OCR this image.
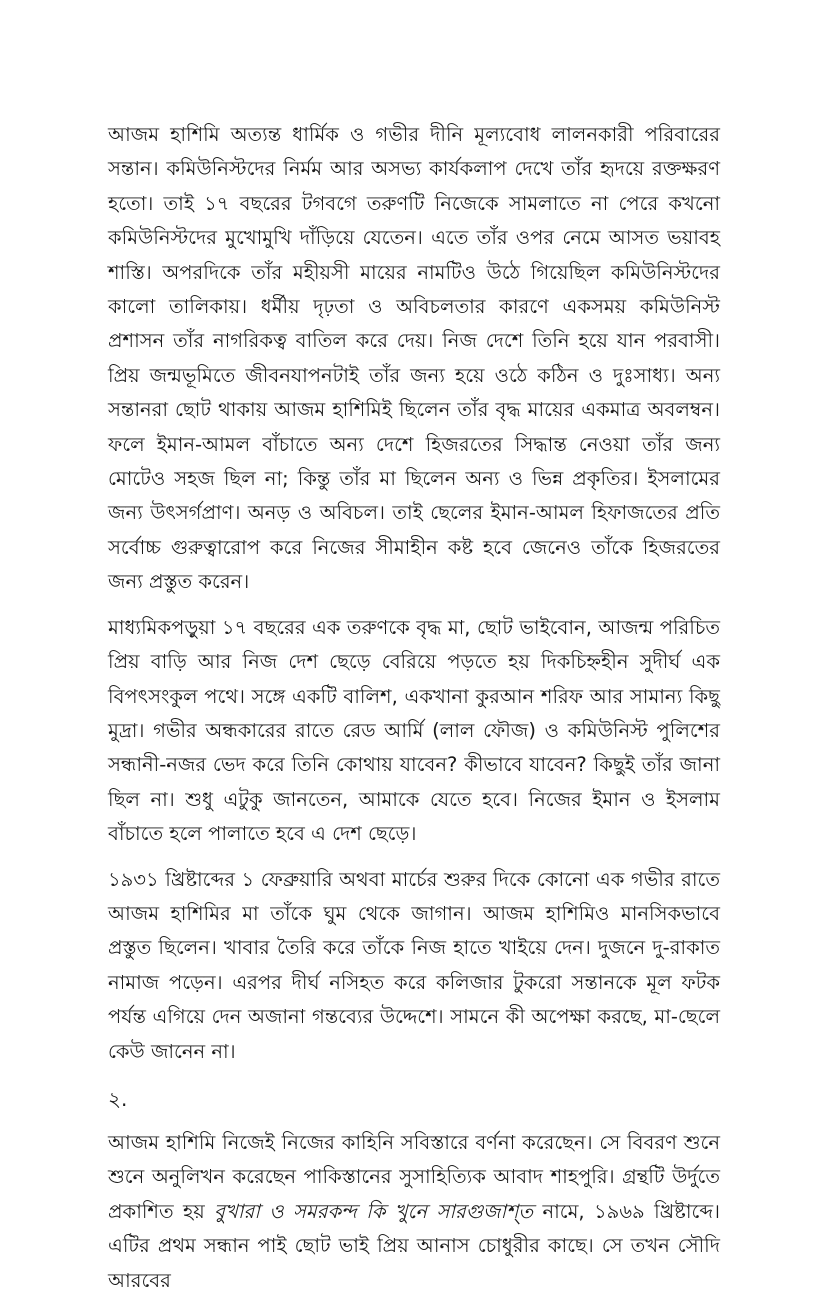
আজম হাশিমি অত্যন্ত ধার্মিক ও গভীর দীনি মূল্যবোধ লালনকারী পরিবারের সন্তান। কমিউনিস্টদের নির্মম আর অসভ্য কার্যকলাপ দেখে তাঁর হৃদয়ে রক্তক্ষরণ হতো। তাই ১৭ বছরের টগবগে তরুণটি নিজেকে সামলাতে না পেরে কখনো কমিউনিস্টদের মুখোমুখি দাঁড়িয়ে যেতেন। এতে তাঁর ওপর নেমে আসত ভয়াবহ শাস্তি। অপরদিকে তাঁর মহীয়সী মায়ের নামটিও উঠে গিয়েছিল কমিউনিস্টদের কালো তালিকায়। ধর্মীয় দৃঢ়তা ও অবিচলতার কারণে একসময় কমিউনিস্ট প্রশাসন তাঁর নাগরিকত্ব বাতিল করে দেয়। নিজ দেশে তিনি হয়ে যান পরবাসী। প্রিয় জন্মভূমিতে জীবনযাপনটাই তাঁর জন্য হয়ে ওঠে কঠিন ও দুঃসাধ্য। অন্য সন্তানরা ছোট থাকায় আজম হাশিমিই ছিলেন তাঁর বৃদ্ধ মায়ের একমাত্র অবলম্বন। ফলে ইমান-আমল বাঁচাতে অন্য দেশে হিজরতের সিদ্ধান্ত নেওয়া তাঁর জন্য মোটেও সহজ ছিল না; কিন্তু তাঁর মা ছিলেন অন্য ও ভিন্ন প্রকৃতির। ইসলামের জন্য উৎসর্গপ্রাণ। অনড় ও অবিচল। তাই ছেলের ইমান-আমল হিফাজতের প্রতি সর্বোচ্চ গুরুত্বারোপ করে নিজের সীমাহীন কষ্ট হবে জেনেও তাঁকে হিজরতের জন্য প্রস্তুত করেন।

মাধ্যমিকপড়ুয়া ১৭ বছরের এক তরুণকে বৃদ্ধ মা, ছোট ভাইবোন, আজন্ম পরিচিত প্রিয় বাড়ি আর নিজ দেশ ছেড়ে বেরিয়ে পড়তে হয় দিকচিহ্নহীন সুদীর্ঘ এক বিপৎসংকুল পথে। সঙ্গে একটি বালিশ, একখানা কুরআন শরিফ আর সামান্য কিছু মুদ্রা। গভীর অন্ধকারের রাতে রেড আর্মি (লাল ফৌজ) ও কমিউনিস্ট পুলিশের সন্ধানী-নজর ভেদ করে তিনি কোথায় যাবেন? কীভাবে যাবেন? কিছুই তাঁর জানা ছিল না। শুধু এটুকু জানতেন, আমাকে যেতে হবে। নিজের ইমান ও ইসলাম বাঁচাতে হলে পালাতে হবে এ দেশ ছেড়ে।

১৯৩১ খ্রিষ্টাব্দের ১ ফেব্রুয়ারি অথবা মার্চের শুরুর দিকে কোনো এক গভীর রাতে আজম হাশিমির মা তাঁকে ঘুম থেকে জাগান। আজম হাশিমিও মানসিকভাবে প্রস্তুত ছিলেন। খাবার তৈরি করে তাঁকে নিজ হাতে খাইয়ে দেন। দুজনে দু-রাকাত নামাজ পড়েন। এরপর দীর্ঘ নসিহত করে কলিজার টুকরো সন্তানকে মূল ফটক পর্যন্ত এগিয়ে দেন অজানা গন্তব্যের উদ্দেশে। সামনে কী অপেক্ষা করছে, মা-ছেলে কেউ জানেন না।

২.

আজম হাশিমি নিজেই নিজের কাহিনি সবিস্তারে বর্ণনা করেছেন। সে বিবরণ শুনে শুনে অনুলিখন করেছেন পাকিস্তানের সুসাহিত্যিক আবাদ শাহপুরি। গ্রন্থটি উর্দুতে প্রকাশিত হয় বুখারা ও সমরকন্দ কি খুনে সারগুজাশ্‌ত নামে, ১৯৬৯ খ্রিষ্টাব্দে। এটির প্রথম সন্ধান পাই ছোট ভাই প্রিয় আনাস চোধুরীর কাছে। সে তখন সৌদি আরবের
